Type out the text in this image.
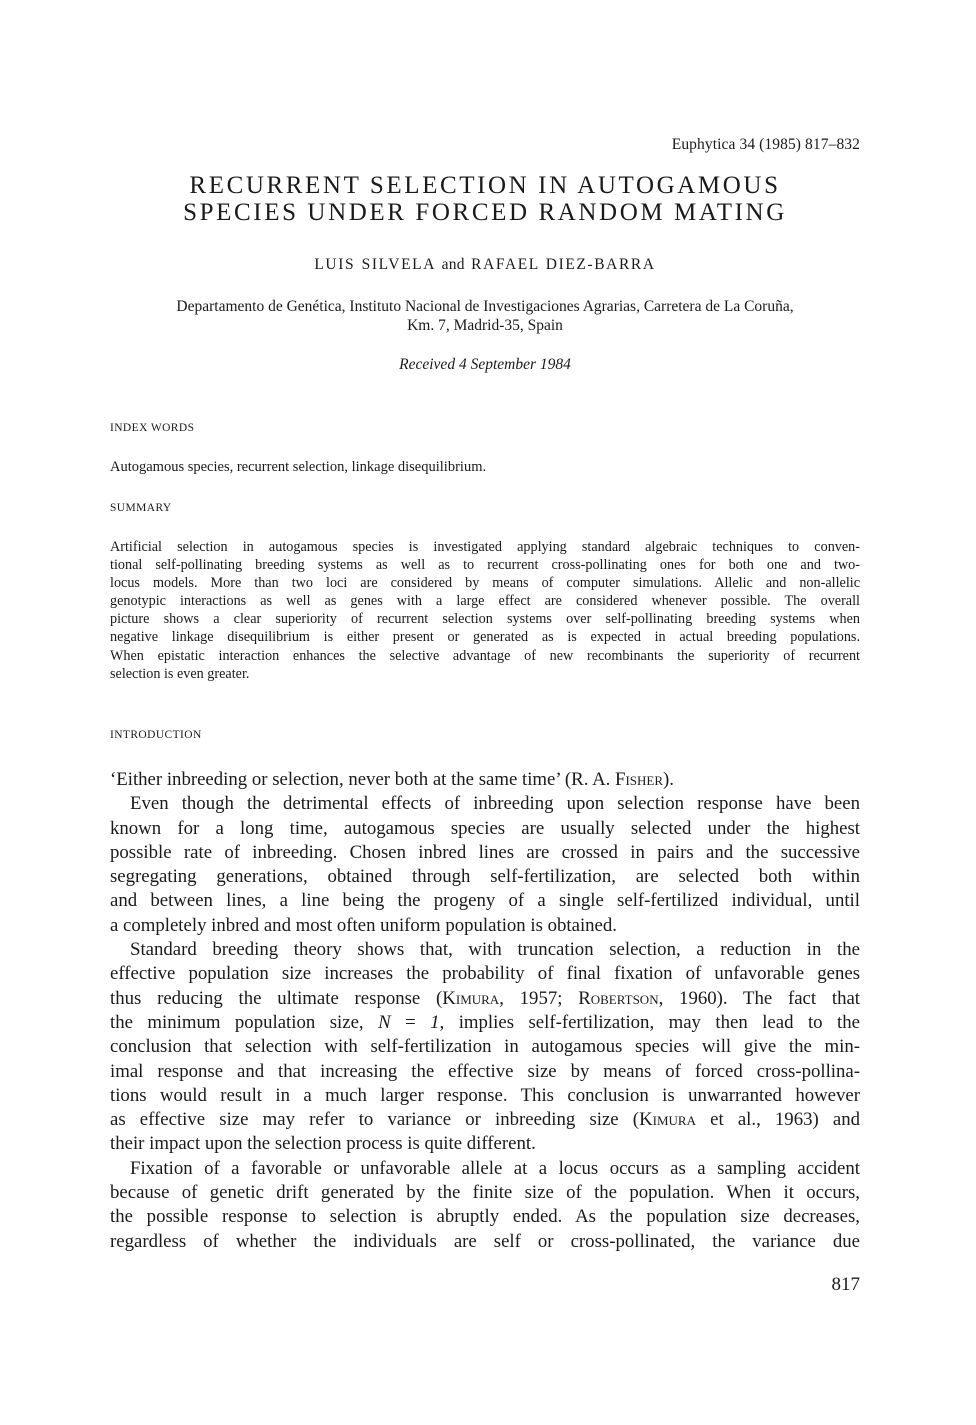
Euphytica 34 (1985) 817–832
RECURRENT SELECTION IN AUTOGAMOUS
SPECIES UNDER FORCED RANDOM MATING
LUIS SILVELA and RAFAEL DIEZ-BARRA
Departamento de Genética, Instituto Nacional de Investigaciones Agrarias, Carretera de La Coruña,
Km. 7, Madrid-35, Spain
Received 4 September 1984
INDEX WORDS
Autogamous species, recurrent selection, linkage disequilibrium.
SUMMARY
Artificial selection in autogamous species is investigated applying standard algebraic techniques to conven-
tional self-pollinating breeding systems as well as to recurrent cross-pollinating ones for both one and two-
locus models. More than two loci are considered by means of computer simulations. Allelic and non-allelic
genotypic interactions as well as genes with a large effect are considered whenever possible. The overall
picture shows a clear superiority of recurrent selection systems over self-pollinating breeding systems when
negative linkage disequilibrium is either present or generated as is expected in actual breeding populations.
When epistatic interaction enhances the selective advantage of new recombinants the superiority of recurrent
selection is even greater.
INTRODUCTION
‘Either inbreeding or selection, never both at the same time’ (R. A. Fisher).
Even though the detrimental effects of inbreeding upon selection response have been
known for a long time, autogamous species are usually selected under the highest
possible rate of inbreeding. Chosen inbred lines are crossed in pairs and the successive
segregating generations, obtained through self-fertilization, are selected both within
and between lines, a line being the progeny of a single self-fertilized individual, until
a completely inbred and most often uniform population is obtained.
Standard breeding theory shows that, with truncation selection, a reduction in the
effective population size increases the probability of final fixation of unfavorable genes
thus reducing the ultimate response (Kimura, 1957; Robertson, 1960). The fact that
the minimum population size, N = 1, implies self-fertilization, may then lead to the
conclusion that selection with self-fertilization in autogamous species will give the min-
imal response and that increasing the effective size by means of forced cross-pollina-
tions would result in a much larger response. This conclusion is unwarranted however
as effective size may refer to variance or inbreeding size (Kimura et al., 1963) and
their impact upon the selection process is quite different.
Fixation of a favorable or unfavorable allele at a locus occurs as a sampling accident
because of genetic drift generated by the finite size of the population. When it occurs,
the possible response to selection is abruptly ended. As the population size decreases,
regardless of whether the individuals are self or cross-pollinated, the variance due
817
